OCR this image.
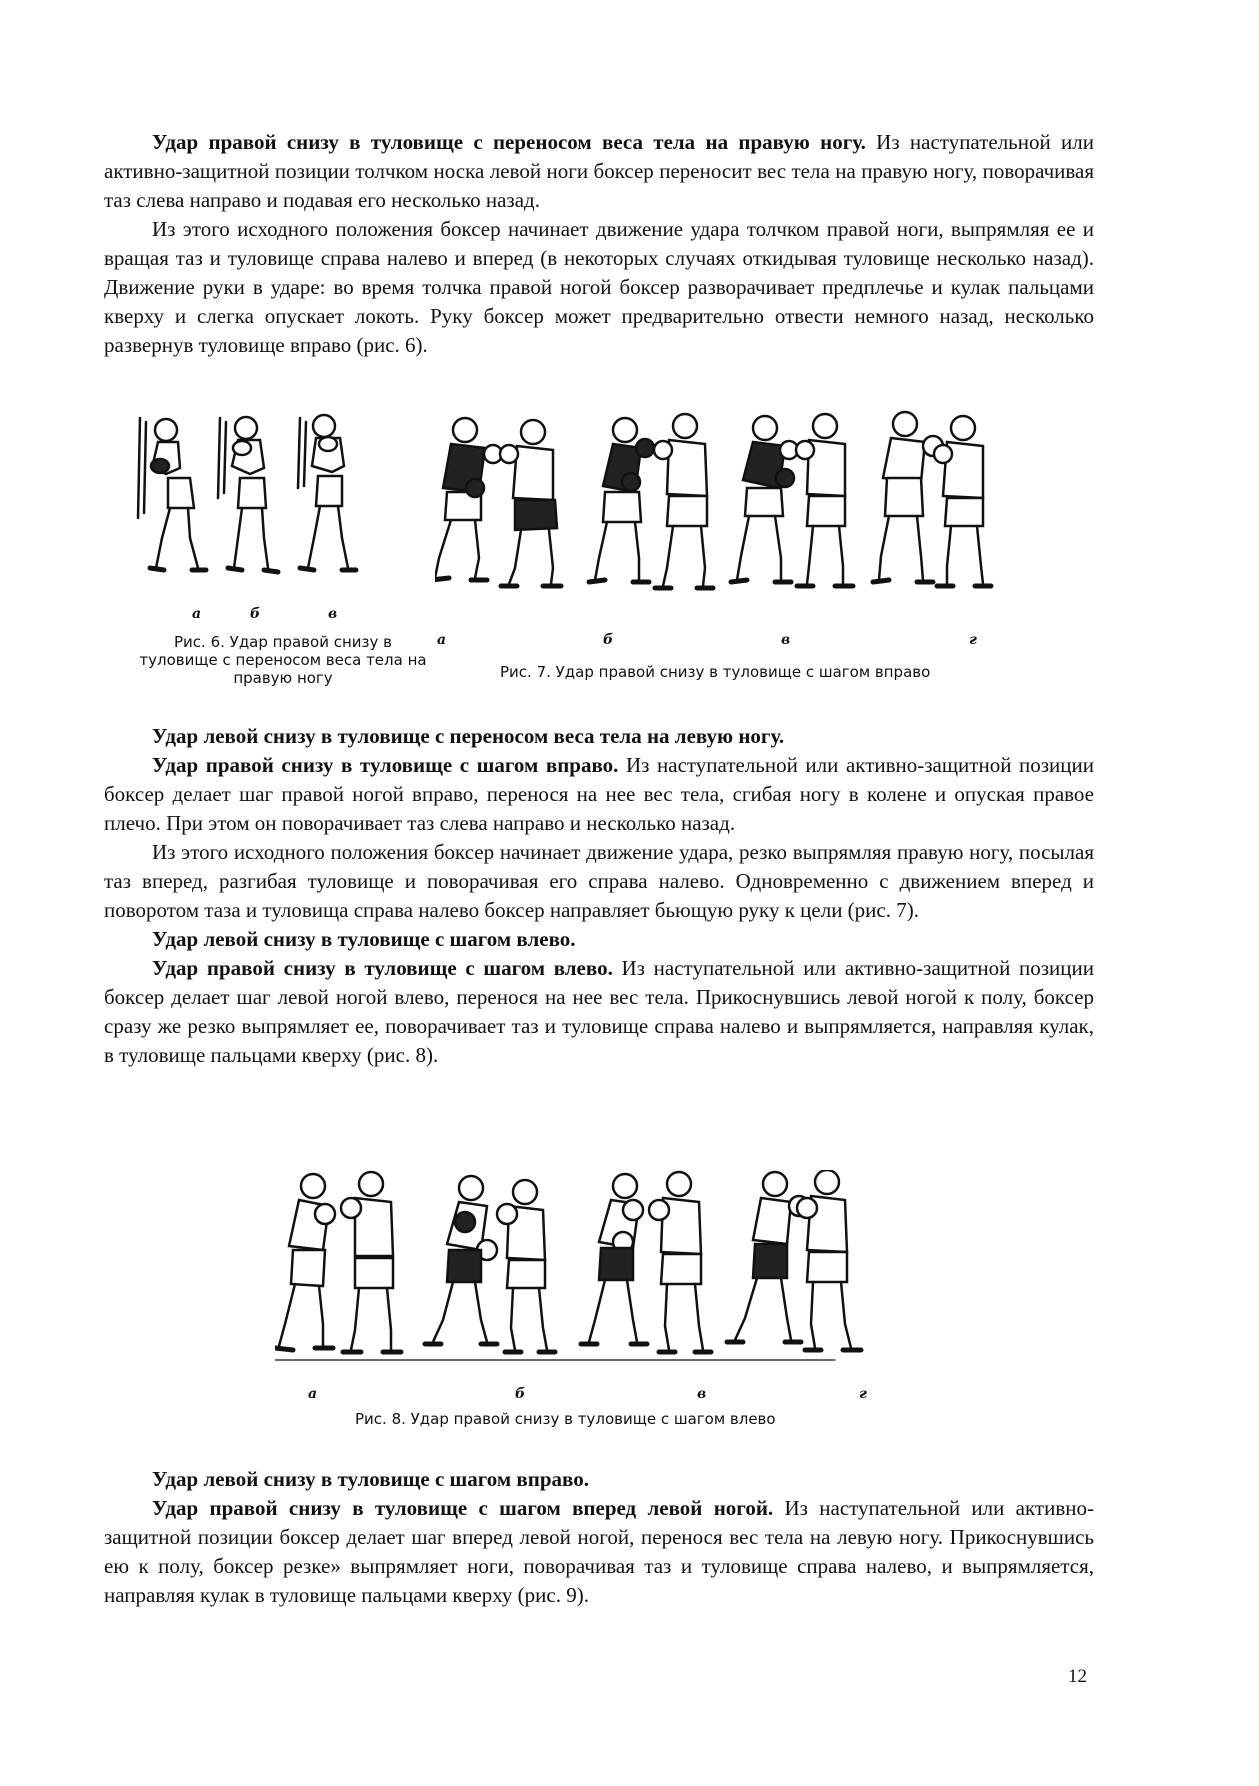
Удар правой снизу в туловище с переносом веса тела на правую ногу. Из наступательной или активно-защитной позиции толчком носка левой ноги боксер переносит вес тела на правую ногу, поворачивая таз слева направо и подавая его несколько назад.

Из этого исходного положения боксер начинает движение удара толчком правой ноги, выпрямляя ее и вращая таз и туловище справа налево и вперед (в некоторых случаях откидывая туловище несколько назад). Движение руки в ударе: во время толчка правой ногой боксер разворачивает предплечье и кулак пальцами кверху и слегка опускает локоть. Руку боксер может предварительно отвести немного назад, несколько развернув туловище вправо (рис. 6).

а	б	в
Рис. 6. Удар правой снизу в туловище с переносом веса тела на правую ногу
а	б	в	г
Рис. 7. Удар правой снизу в туловище с шагом вправо

Удар левой снизу в туловище с переносом веса тела на левую ногу.

Удар правой снизу в туловище с шагом вправо. Из наступательной или активно-защитной позиции боксер делает шаг правой ногой вправо, перенося на нее вес тела, сгибая ногу в колене и опуская правое плечо. При этом он поворачивает таз слева направо и несколько назад.

Из этого исходного положения боксер начинает движение удара, резко выпрямляя правую ногу, посылая таз вперед, разгибая туловище и поворачивая его справа налево. Одновременно с движением вперед и поворотом таза и туловища справа налево боксер направляет бьющую руку к цели (рис. 7).

Удар левой снизу в туловище с шагом влево.

Удар правой снизу в туловище с шагом влево. Из наступательной или активно-защитной позиции боксер делает шаг левой ногой влево, перенося на нее вес тела. Прикоснувшись левой ногой к полу, боксер сразу же резко выпрямляет ее, поворачивает таз и туловище справа налево и выпрямляется, направляя кулак, в туловище пальцами кверху (рис. 8).

а	б	в	г
Рис. 8. Удар правой снизу в туловище с шагом влево

Удар левой снизу в туловище с шагом вправо.

Удар правой снизу в туловище с шагом вперед левой ногой. Из наступательной или активно-защитной позиции боксер делает шаг вперед левой ногой, перенося вес тела на левую ногу. Прикоснувшись ею к полу, боксер резке» выпрямляет ноги, поворачивая таз и туловище справа налево, и выпрямляется, направляя кулак в туловище пальцами кверху (рис. 9).

12
